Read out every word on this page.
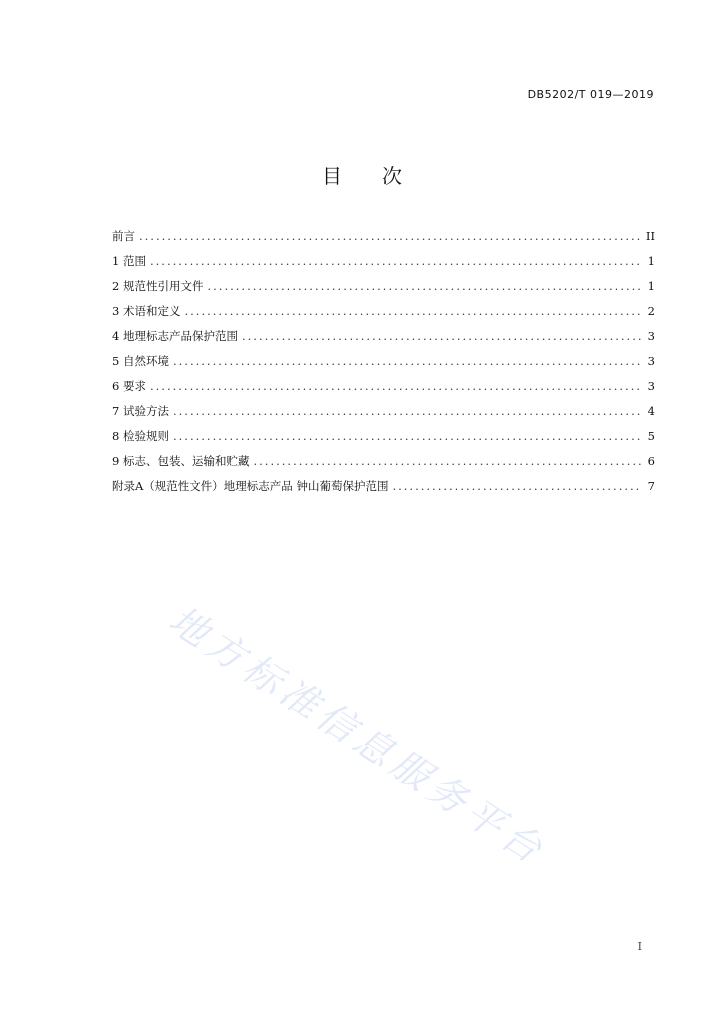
DB5202/T 019—2019
目　　次
前言 .....	II
1 范围 .....	1
2 规范性引用文件 .....	1
3 术语和定义 .....	2
4 地理标志产品保护范围 .....	3
5 自然环境 .....	3
6 要求 .....	3
7 试验方法 .....	4
8 检验规则 .....	5
9 标志、包装、运输和贮藏 .....	6
附录A（规范性文件）地理标志产品 钟山葡萄保护范围 .....	7
地方标准信息服务平台
I
